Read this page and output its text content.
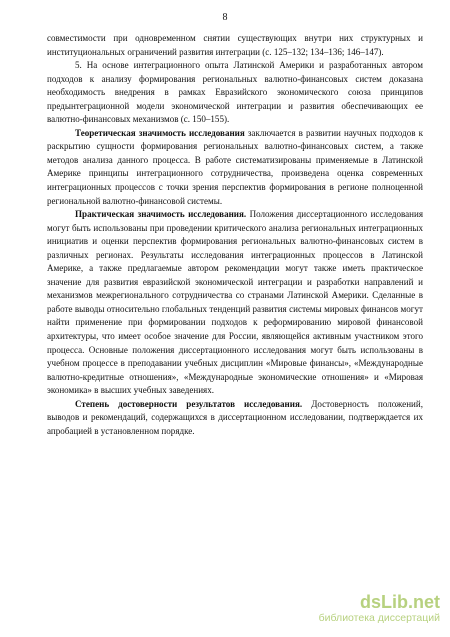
8

совместимости при одновременном снятии существующих внутри них структурных и институциональных ограничений развития интеграции (с. 125–132; 134–136; 146–147).

5. На основе интеграционного опыта Латинской Америки и разработанных автором подходов к анализу формирования региональных валютно-финансовых систем доказана необходимость внедрения в рамках Евразийского экономического союза принципов предынтеграционной модели экономической интеграции и развития обеспечивающих ее валютно-финансовых механизмов (с. 150–155).

Теоретическая значимость исследования заключается в развитии научных подходов к раскрытию сущности формирования региональных валютно-финансовых систем, а также методов анализа данного процесса. В работе систематизированы применяемые в Латинской Америке принципы интеграционного сотрудничества, произведена оценка современных интеграционных процессов с точки зрения перспектив формирования в регионе полноценной региональной валютно-финансовой системы.

Практическая значимость исследования. Положения диссертационного исследования могут быть использованы при проведении критического анализа региональных интеграционных инициатив и оценки перспектив формирования региональных валютно-финансовых систем в различных регионах. Результаты исследования интеграционных процессов в Латинской Америке, а также предлагаемые автором рекомендации могут также иметь практическое значение для развития евразийской экономической интеграции и разработки направлений и механизмов межрегионального сотрудничества со странами Латинской Америки. Сделанные в работе выводы относительно глобальных тенденций развития системы мировых финансов могут найти применение при формировании подходов к реформированию мировой финансовой архитектуры, что имеет особое значение для России, являющейся активным участником этого процесса. Основные положения диссертационного исследования могут быть использованы в учебном процессе в преподавании учебных дисциплин «Мировые финансы», «Международные валютно-кредитные отношения», «Международные экономические отношения» и «Мировая экономика» в высших учебных заведениях.

Степень достоверности результатов исследования. Достоверность положений, выводов и рекомендаций, содержащихся в диссертационном исследовании, подтверждается их апробацией в установленном порядке.

dsLib.net
библиотека диссертаций
